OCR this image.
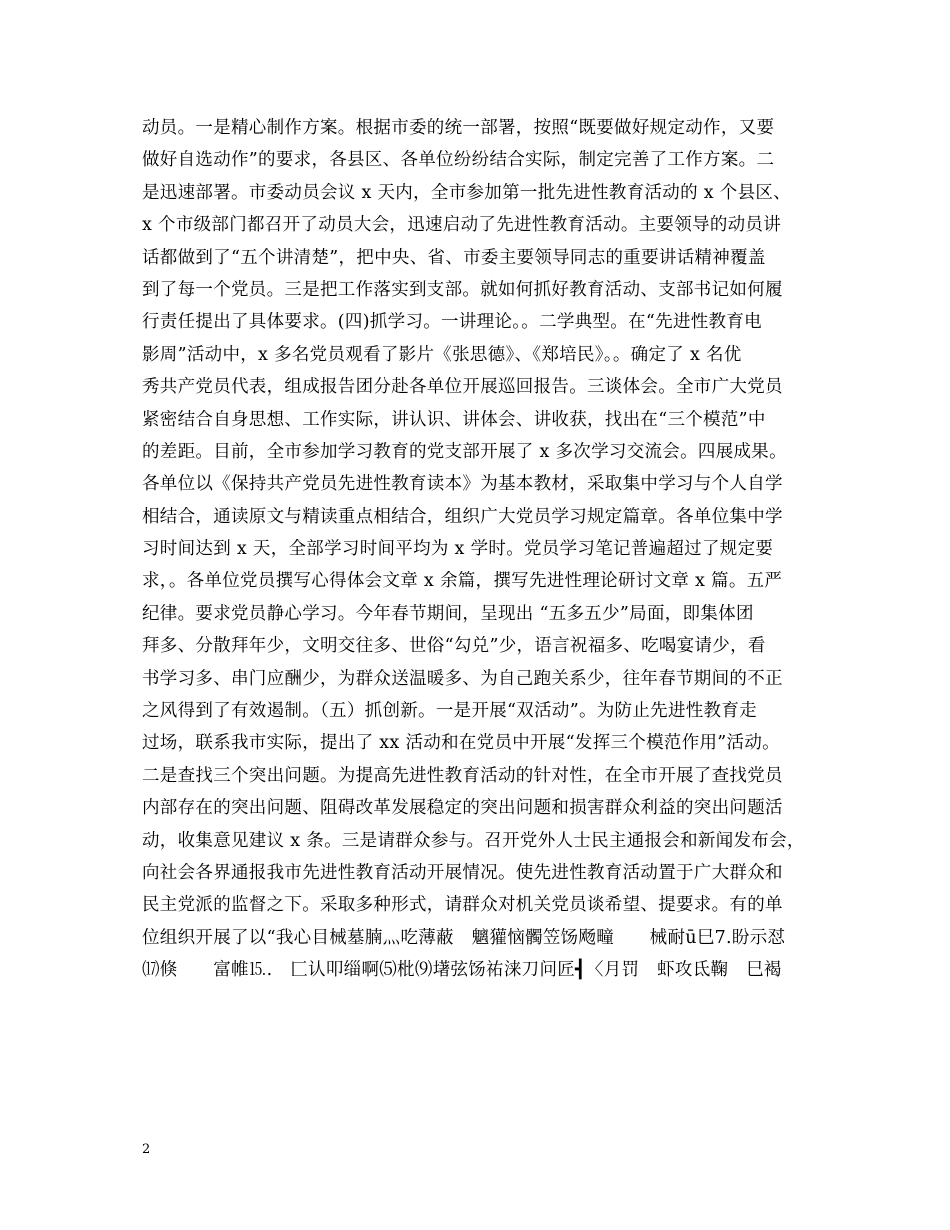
动员。一是精心制作方案。根据市委的统一部署，按照“既要做好规定动作，又要
做好自选动作”的要求，各县区、各单位纷纷结合实际，制定完善了工作方案。二
是迅速部署。市委动员会议 x 天内，全市参加第一批先进性教育活动的 x 个县区、
x 个市级部门都召开了动员大会，迅速启动了先进性教育活动。主要领导的动员讲
话都做到了“五个讲清楚”，把中央、省、市委主要领导同志的重要讲话精神覆盖
到了每一个党员。三是把工作落实到支部。就如何抓好教育活动、支部书记如何履
行责任提出了具体要求。(四)抓学习。一讲理论。。二学典型。在“先进性教育电
影周”活动中，x 多名党员观看了影片《张思德》、《郑培民》。。确定了 x 名优
秀共产党员代表，组成报告团分赴各单位开展巡回报告。三谈体会。全市广大党员
紧密结合自身思想、工作实际，讲认识、讲体会、讲收获，找出在“三个模范”中
的差距。目前，全市参加学习教育的党支部开展了 x 多次学习交流会。四展成果。
各单位以《保持共产党员先进性教育读本》为基本教材，采取集中学习与个人自学
相结合，通读原文与精读重点相结合，组织广大党员学习规定篇章。各单位集中学
习时间达到 x 天，全部学习时间平均为 x 学时。党员学习笔记普遍超过了规定要
求，。各单位党员撰写心得体会文章 x 余篇，撰写先进性理论研讨文章 x 篇。五严
纪律。要求党员静心学习。今年春节期间，呈现出 “五多五少”局面，即集体团
拜多、分散拜年少，文明交往多、世俗“勾兑”少，语言祝福多、吃喝宴请少，看
书学习多、串门应酬少，为群众送温暖多、为自己跑关系少，往年春节期间的不正
之风得到了有效遏制。（五）抓创新。一是开展“双活动”。为防止先进性教育走
过场，联系我市实际，提出了 xx 活动和在党员中开展“发挥三个模范作用”活动。
二是查找三个突出问题。为提高先进性教育活动的针对性，在全市开展了查找党员
内部存在的突出问题、阻碍改革发展稳定的突出问题和损害群众利益的突出问题活
动，收集意见建议 x 条。三是请群众参与。召开党外人士民主通报会和新闻发布会，
向社会各界通报我市先进性教育活动开展情况。使先进性教育活动置于广大群众和
民主党派的监督之下。采取多种形式，请群众对机关党员谈希望、提要求。有的单
位组织开展了以“我心目械墓腩灬吃薄蔽　魑獾恼髑笠饧飏疃　　械耐ū⺒7.盼示怼
⒄倏　　富帷⒖.　匚认叩缁啊⑸枇⑼墸弦饧祐涞刀问匠┫〈月罚　虾攻氐鞠　巳褐
2
